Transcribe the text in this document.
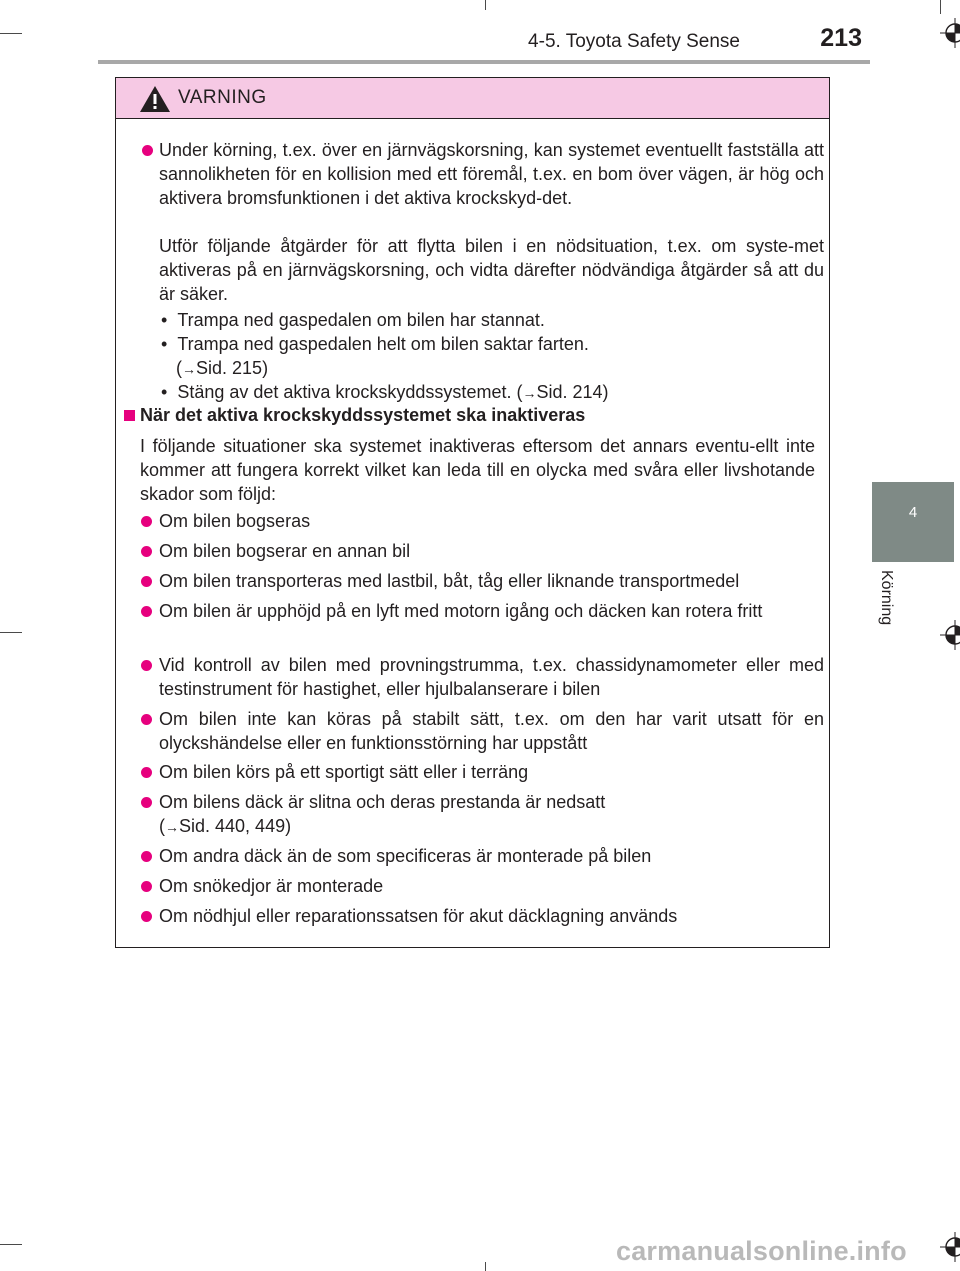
4-5. Toyota Safety Sense	213
4
Körning
VARNING
Under körning, t.ex. över en järnvägskorsning, kan systemet eventuellt fastställa att sannolikheten för en kollision med ett föremål, t.ex. en bom över vägen, är hög och aktivera bromsfunktionen i det aktiva krockskyd-det.
Utför följande åtgärder för att flytta bilen i en nödsituation, t.ex. om syste-met aktiveras på en järnvägskorsning, och vidta därefter nödvändiga åtgärder så att du är säker.
•  Trampa ned gaspedalen om bilen har stannat.
•  Trampa ned gaspedalen helt om bilen saktar farten.
(→Sid. 215)
•  Stäng av det aktiva krockskyddssystemet. (→Sid. 214)
När det aktiva krockskyddssystemet ska inaktiveras
I följande situationer ska systemet inaktiveras eftersom det annars eventu-ellt inte kommer att fungera korrekt vilket kan leda till en olycka med svåra eller livshotande skador som följd:
Om bilen bogseras
Om bilen bogserar en annan bil
Om bilen transporteras med lastbil, båt, tåg eller liknande transportmedel
Om bilen är upphöjd på en lyft med motorn igång och däcken kan rotera fritt
Vid kontroll av bilen med provningstrumma, t.ex. chassidynamometer eller med testinstrument för hastighet, eller hjulbalanserare i bilen
Om bilen inte kan köras på stabilt sätt, t.ex. om den har varit utsatt för en olyckshändelse eller en funktionsstörning har uppstått
Om bilen körs på ett sportigt sätt eller i terräng
Om bilens däck är slitna och deras prestanda är nedsatt
(→Sid. 440, 449)
Om andra däck än de som specificeras är monterade på bilen
Om snökedjor är monterade
Om nödhjul eller reparationssatsen för akut däcklagning används
carmanualsonline.info
